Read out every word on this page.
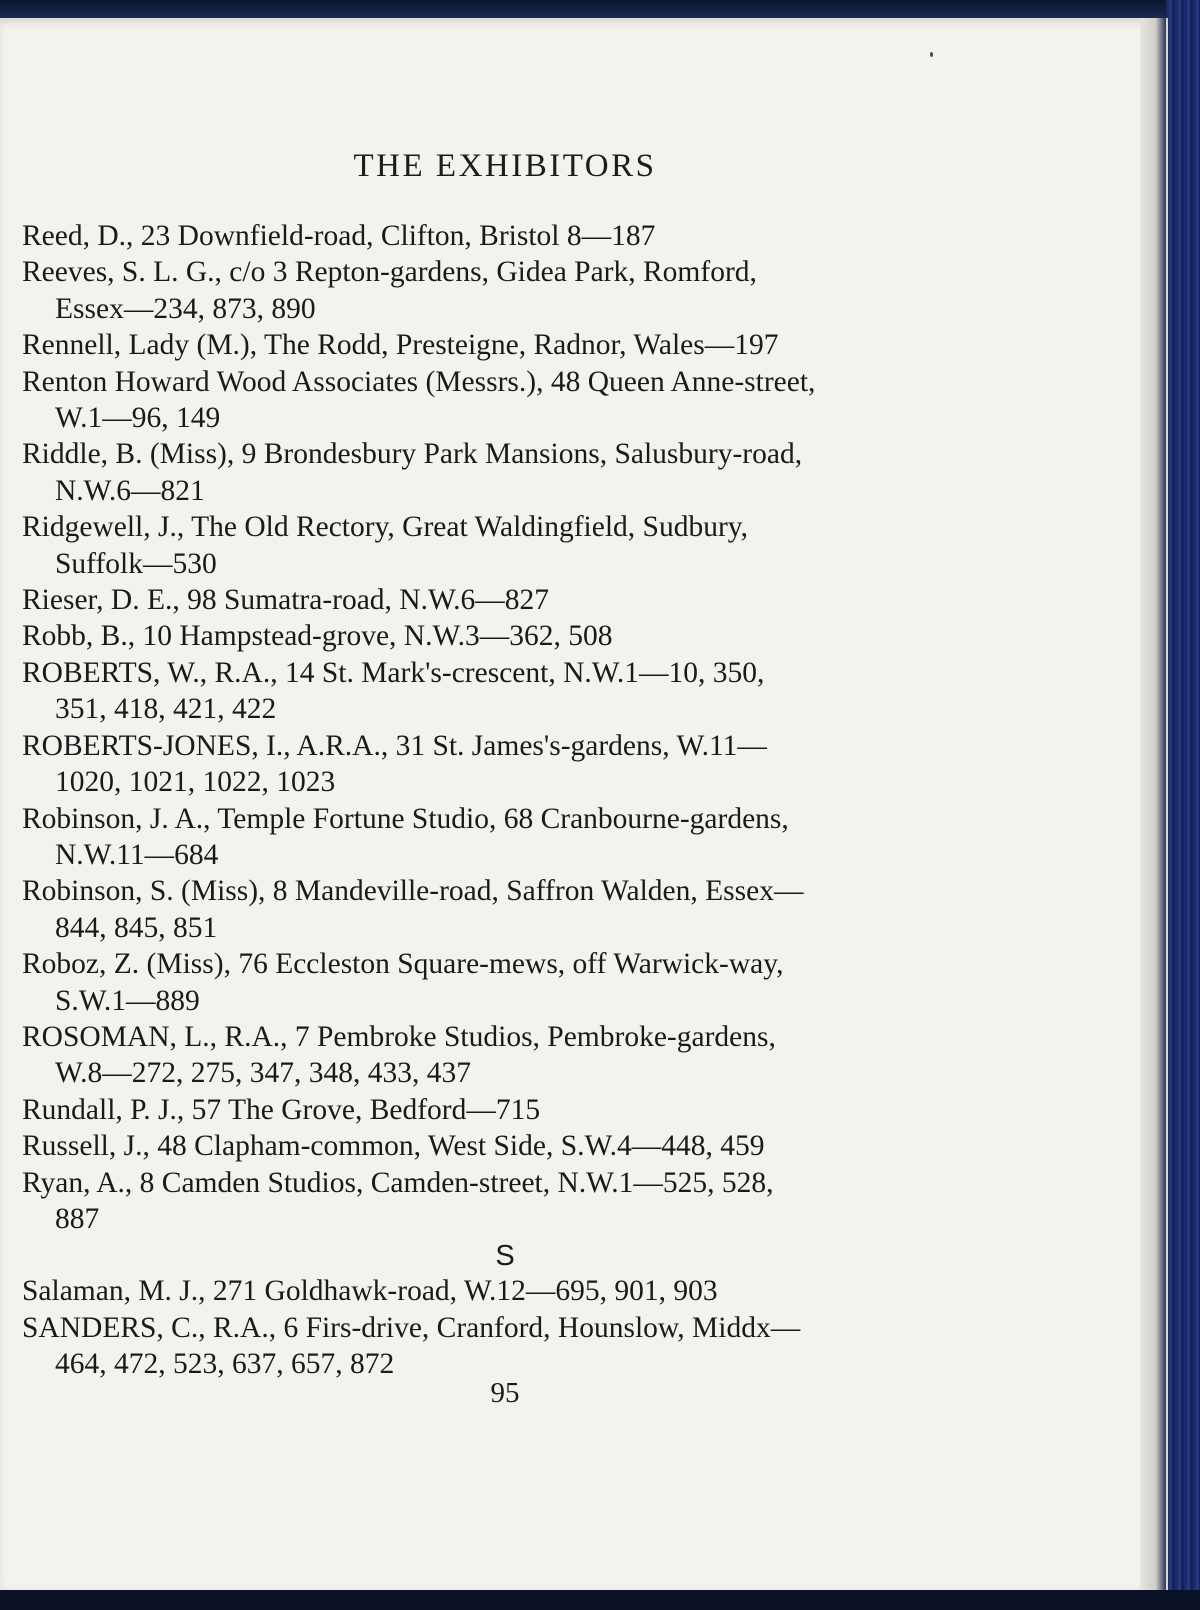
THE EXHIBITORS
Reed, D., 23 Downfield-road, Clifton, Bristol 8—187
Reeves, S. L. G., c/o 3 Repton-gardens, Gidea Park, Romford,
Essex—234, 873, 890
Rennell, Lady (M.), The Rodd, Presteigne, Radnor, Wales—197
Renton Howard Wood Associates (Messrs.), 48 Queen Anne-street,
W.1—96, 149
Riddle, B. (Miss), 9 Brondesbury Park Mansions, Salusbury-road,
N.W.6—821
Ridgewell, J., The Old Rectory, Great Waldingfield, Sudbury,
Suffolk—530
Rieser, D. E., 98 Sumatra-road, N.W.6—827
Robb, B., 10 Hampstead-grove, N.W.3—362, 508
ROBERTS, W., R.A., 14 St. Mark's-crescent, N.W.1—10, 350,
351, 418, 421, 422
ROBERTS-JONES, I., A.R.A., 31 St. James's-gardens, W.11—
1020, 1021, 1022, 1023
Robinson, J. A., Temple Fortune Studio, 68 Cranbourne-gardens,
N.W.11—684
Robinson, S. (Miss), 8 Mandeville-road, Saffron Walden, Essex—
844, 845, 851
Roboz, Z. (Miss), 76 Eccleston Square-mews, off Warwick-way,
S.W.1—889
ROSOMAN, L., R.A., 7 Pembroke Studios, Pembroke-gardens,
W.8—272, 275, 347, 348, 433, 437
Rundall, P. J., 57 The Grove, Bedford—715
Russell, J., 48 Clapham-common, West Side, S.W.4—448, 459
Ryan, A., 8 Camden Studios, Camden-street, N.W.1—525, 528,
887
S
Salaman, M. J., 271 Goldhawk-road, W.12—695, 901, 903
SANDERS, C., R.A., 6 Firs-drive, Cranford, Hounslow, Middx—
464, 472, 523, 637, 657, 872
95
